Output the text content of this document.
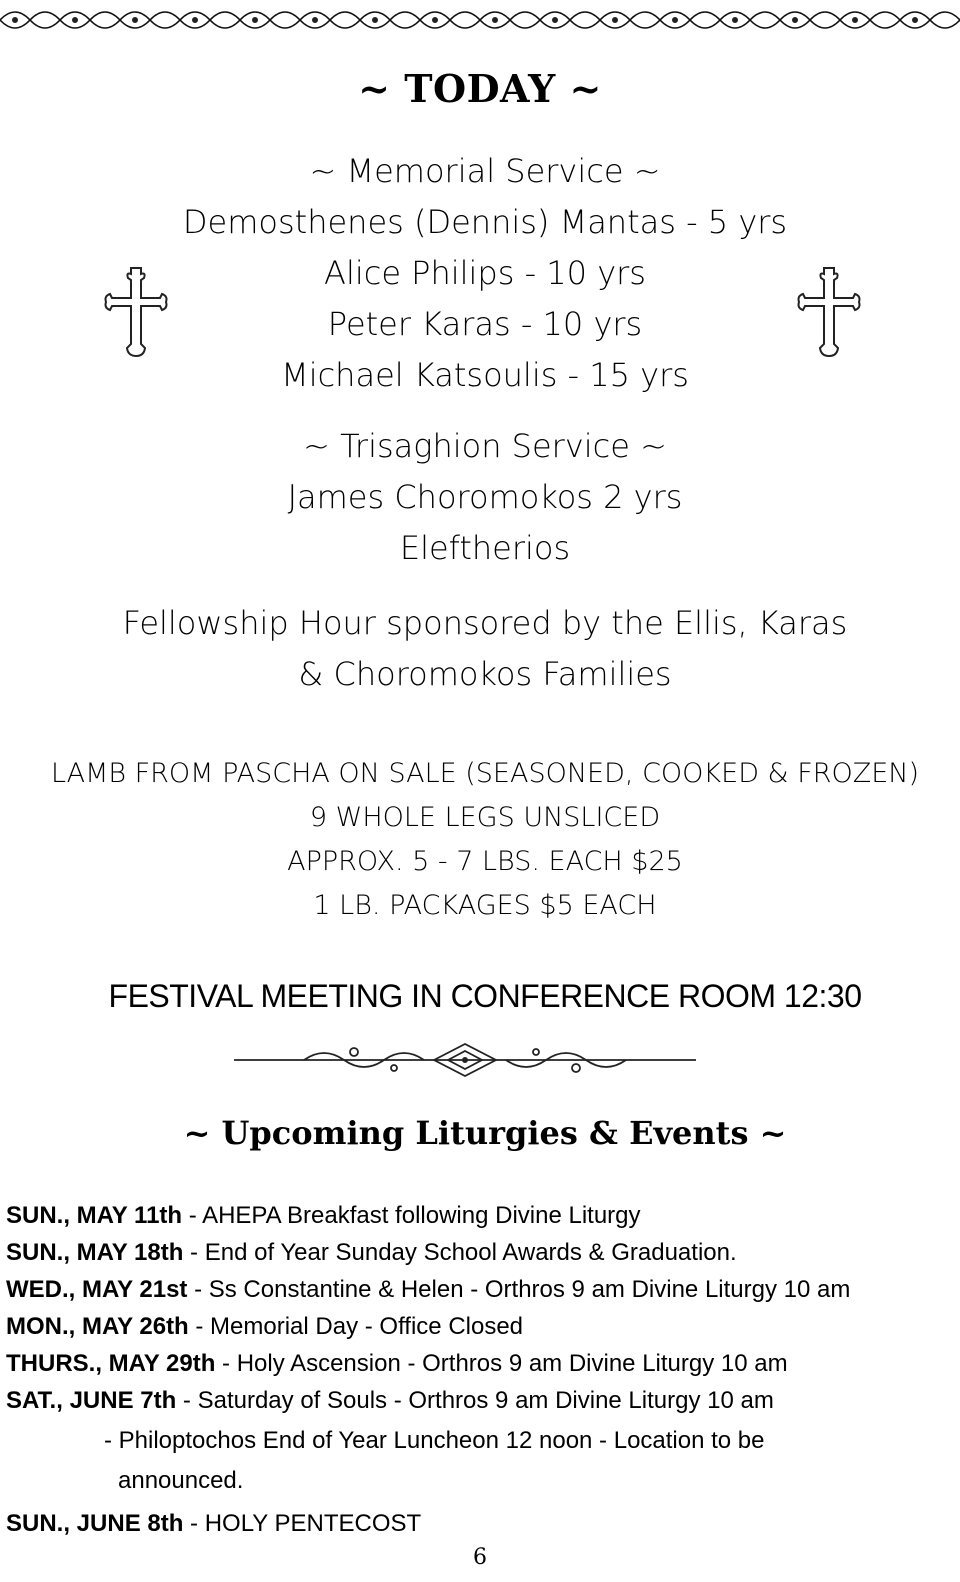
~ TODAY ~
~ Memorial Service ~
Demosthenes (Dennis) Mantas - 5 yrs
Alice Philips - 10 yrs
Peter Karas - 10 yrs
Michael Katsoulis - 15 yrs
~ Trisaghion Service ~
James Choromokos 2 yrs
Eleftherios
Fellowship Hour sponsored by the Ellis, Karas
& Choromokos Families
LAMB FROM PASCHA ON SALE (SEASONED, COOKED & FROZEN)
9 WHOLE LEGS UNSLICED
APPROX. 5 - 7 LBS. EACH $25
1 LB. PACKAGES $5 EACH
FESTIVAL MEETING IN CONFERENCE ROOM 12:30
~ Upcoming Liturgies & Events ~
SUN., MAY 11th - AHEPA Breakfast following Divine Liturgy
SUN., MAY 18th - End of Year Sunday School Awards & Graduation.
WED., MAY 21st - Ss Constantine & Helen - Orthros 9 am Divine Liturgy 10 am
MON., MAY 26th - Memorial Day - Office Closed
THURS., MAY 29th - Holy Ascension - Orthros 9 am Divine Liturgy 10 am
SAT., JUNE 7th - Saturday of Souls - Orthros 9 am Divine Liturgy 10 am
- Philoptochos End of Year Luncheon 12 noon - Location to be
announced.
SUN., JUNE 8th - HOLY PENTECOST
6
